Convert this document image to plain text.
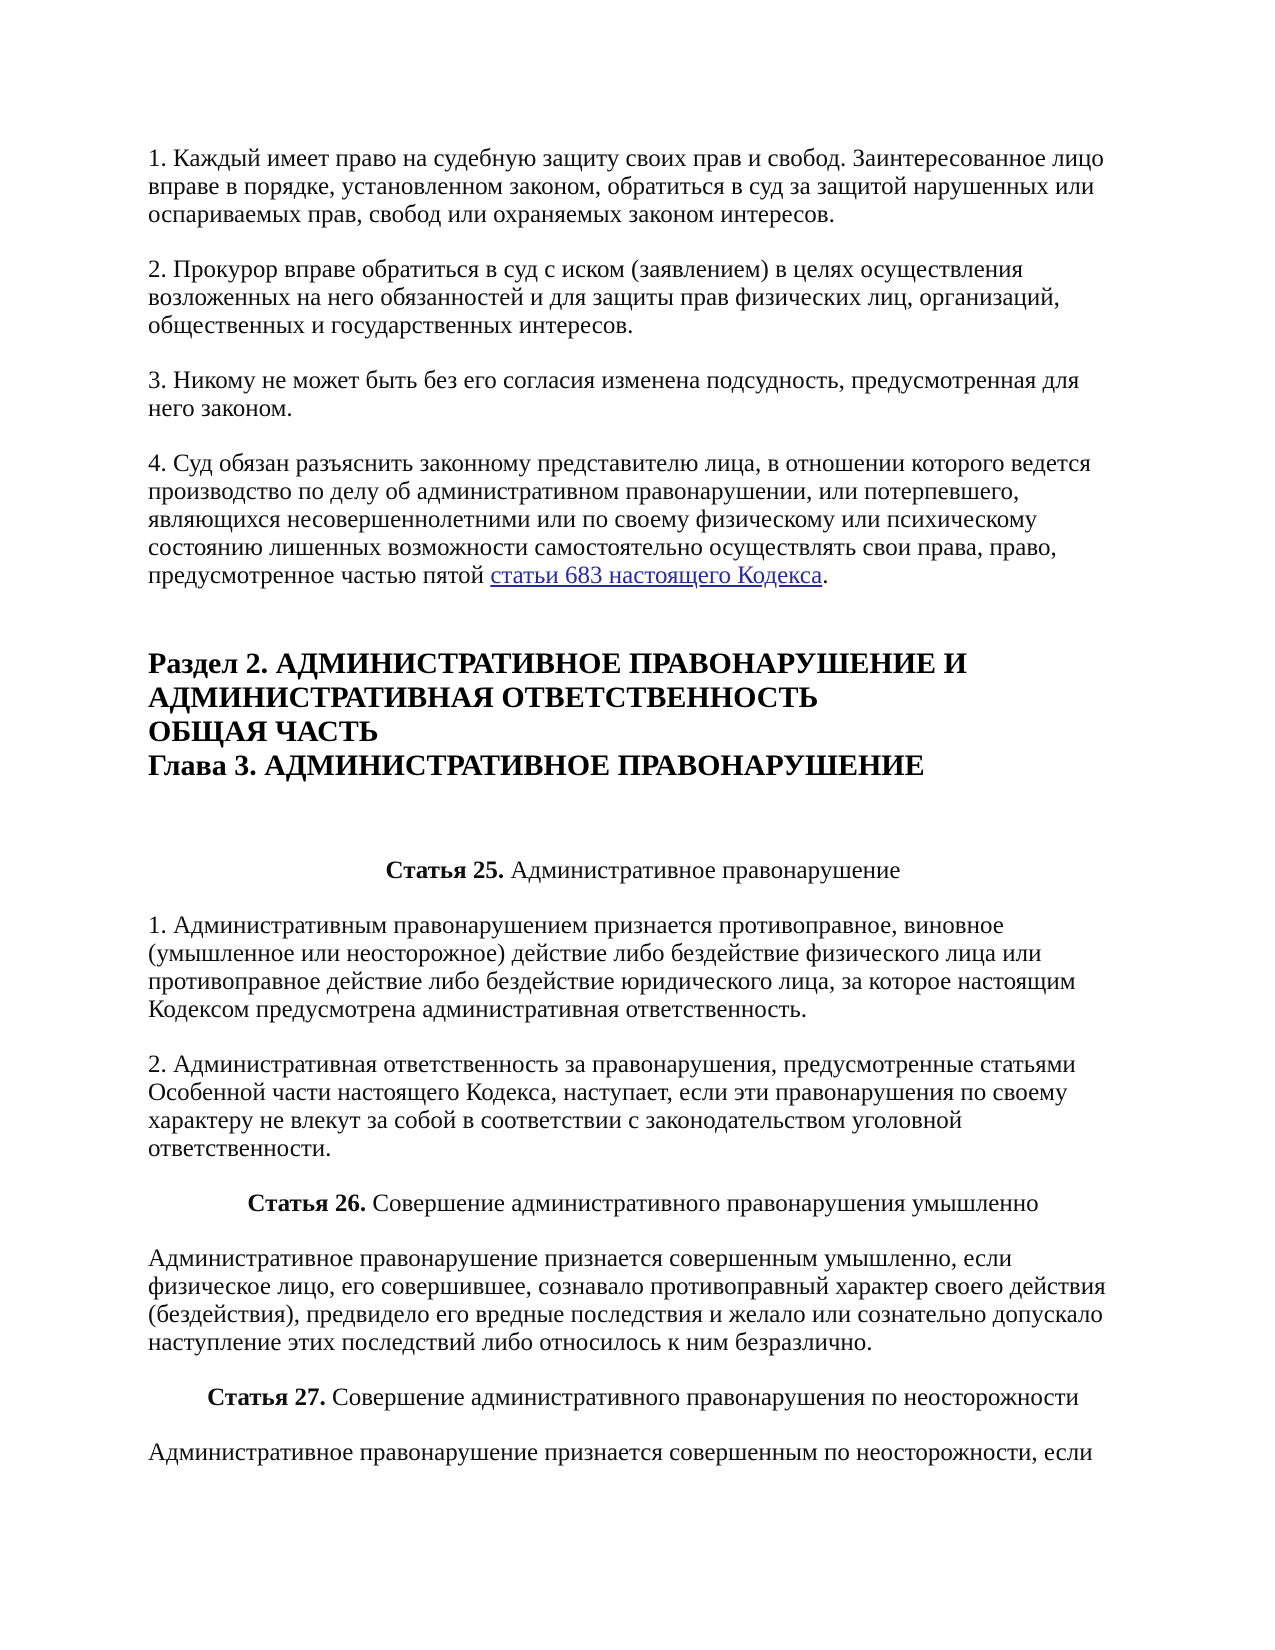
1. Каждый имеет право на судебную защиту своих прав и свобод. Заинтересованное лицо
вправе в порядке, установленном законом, обратиться в суд за защитой нарушенных или
оспариваемых прав, свобод или охраняемых законом интересов.

2. Прокурор вправе обратиться в суд с иском (заявлением) в целях осуществления
возложенных на него обязанностей и для защиты прав физических лиц, организаций,
общественных и государственных интересов.

3. Никому не может быть без его согласия изменена подсудность, предусмотренная для
него законом.

4. Суд обязан разъяснить законному представителю лица, в отношении которого ведется
производство по делу об административном правонарушении, или потерпевшего,
являющихся несовершеннолетними или по своему физическому или психическому
состоянию лишенных возможности самостоятельно осуществлять свои права, право,
предусмотренное частью пятой статьи 683 настоящего Кодекса.

Раздел 2. АДМИНИСТРАТИВНОЕ ПРАВОНАРУШЕНИЕ И
АДМИНИСТРАТИВНАЯ ОТВЕТСТВЕННОСТЬ
ОБЩАЯ ЧАСТЬ
Глава 3. АДМИНИСТРАТИВНОЕ ПРАВОНАРУШЕНИЕ

Статья 25. Административное правонарушение

1. Административным правонарушением признается противоправное, виновное
(умышленное или неосторожное) действие либо бездействие физического лица или
противоправное действие либо бездействие юридического лица, за которое настоящим
Кодексом предусмотрена административная ответственность.

2. Административная ответственность за правонарушения, предусмотренные статьями
Особенной части настоящего Кодекса, наступает, если эти правонарушения по своему
характеру не влекут за собой в соответствии с законодательством уголовной
ответственности.

Статья 26. Совершение административного правонарушения умышленно

Административное правонарушение признается совершенным умышленно, если
физическое лицо, его совершившее, сознавало противоправный характер своего действия
(бездействия), предвидело его вредные последствия и желало или сознательно допускало
наступление этих последствий либо относилось к ним безразлично.

Статья 27. Совершение административного правонарушения по неосторожности

Административное правонарушение признается совершенным по неосторожности, если
